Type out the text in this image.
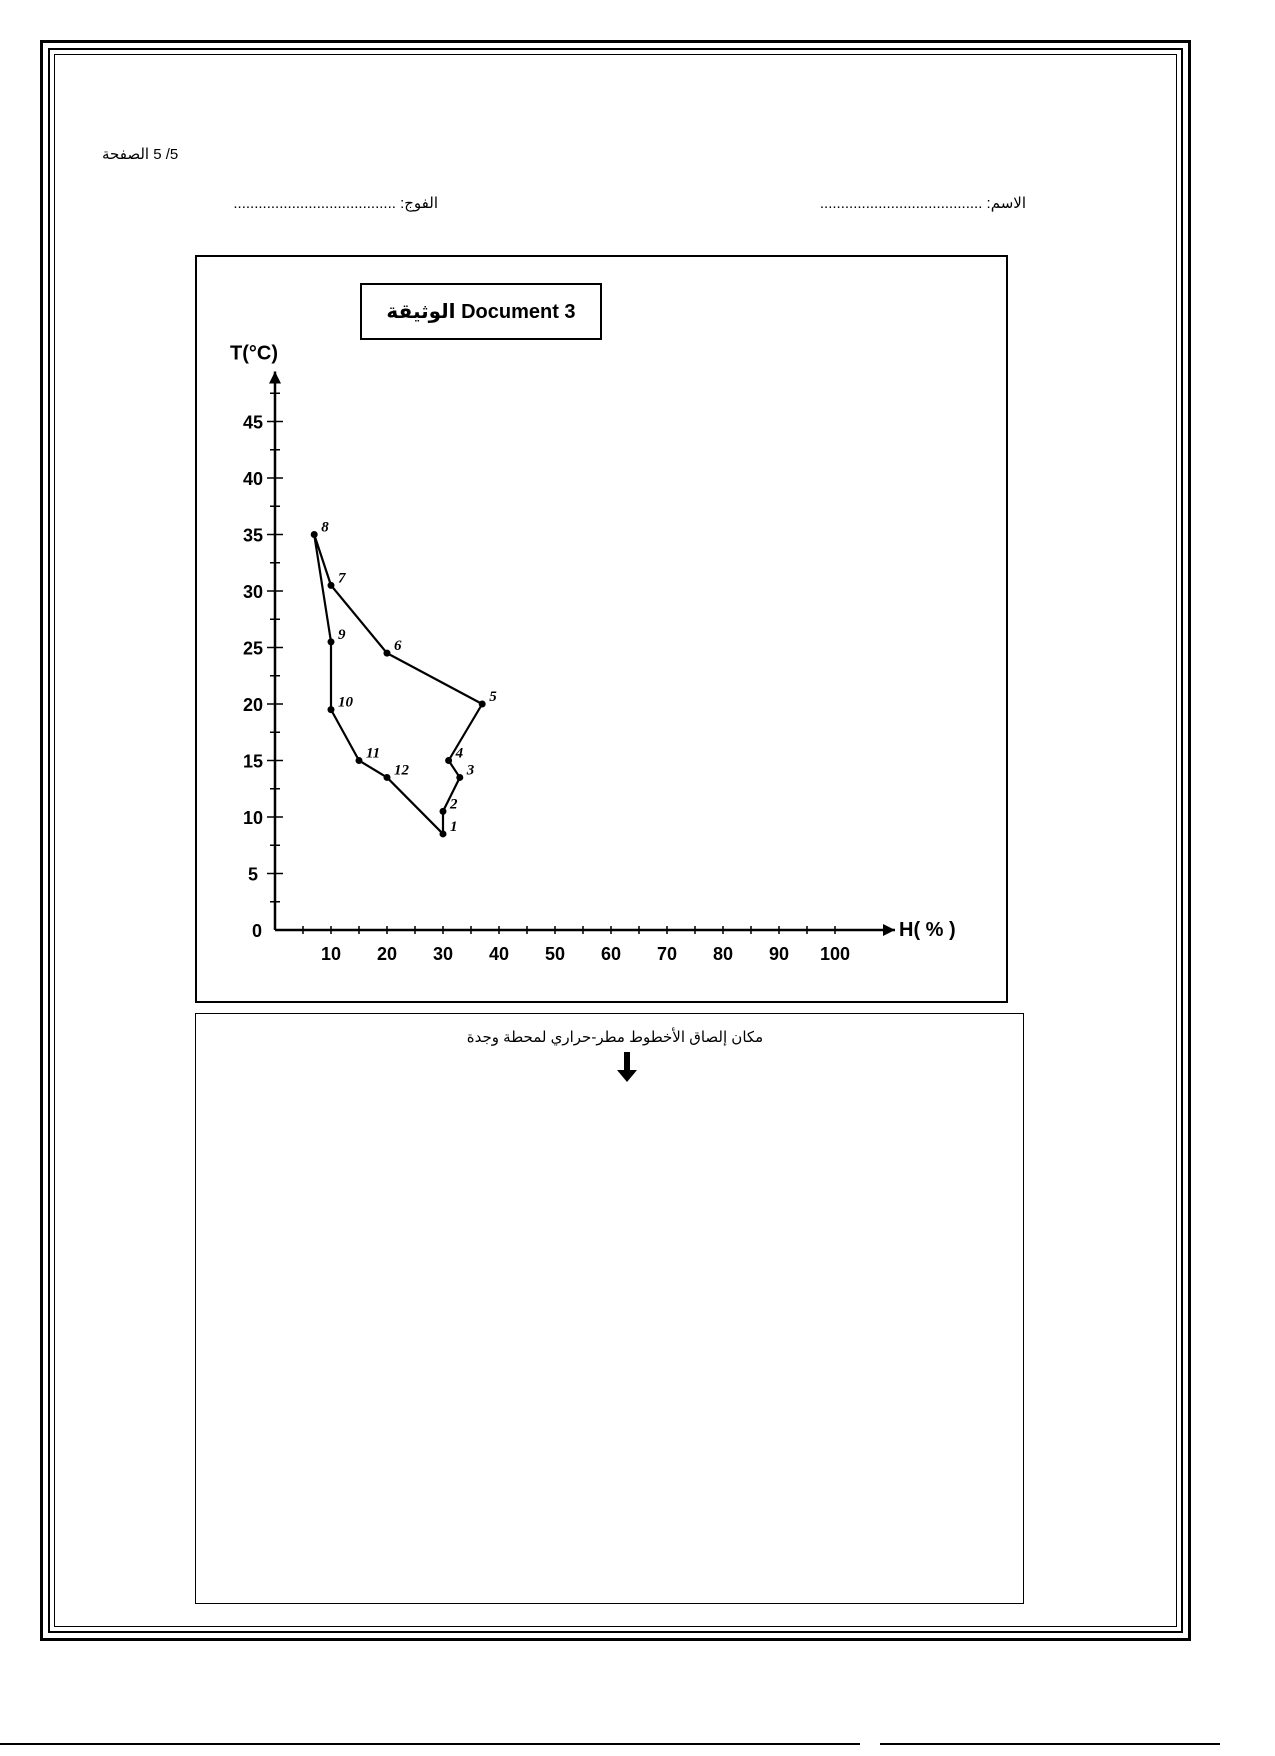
5/ 5 الصفحة
الاسم: .......................................
الفوج: .......................................
H( % )
T(°C)
0
10 20 30 40 50 60 70 80 90 100
5
10
15
20
25
30
35
40
45
1
2
3
4
5
6
7
8
9
10
11
12
الوثيقة Document 3
مكان إلصاق الأخطوط مطر-حراري لمحطة وجدة
